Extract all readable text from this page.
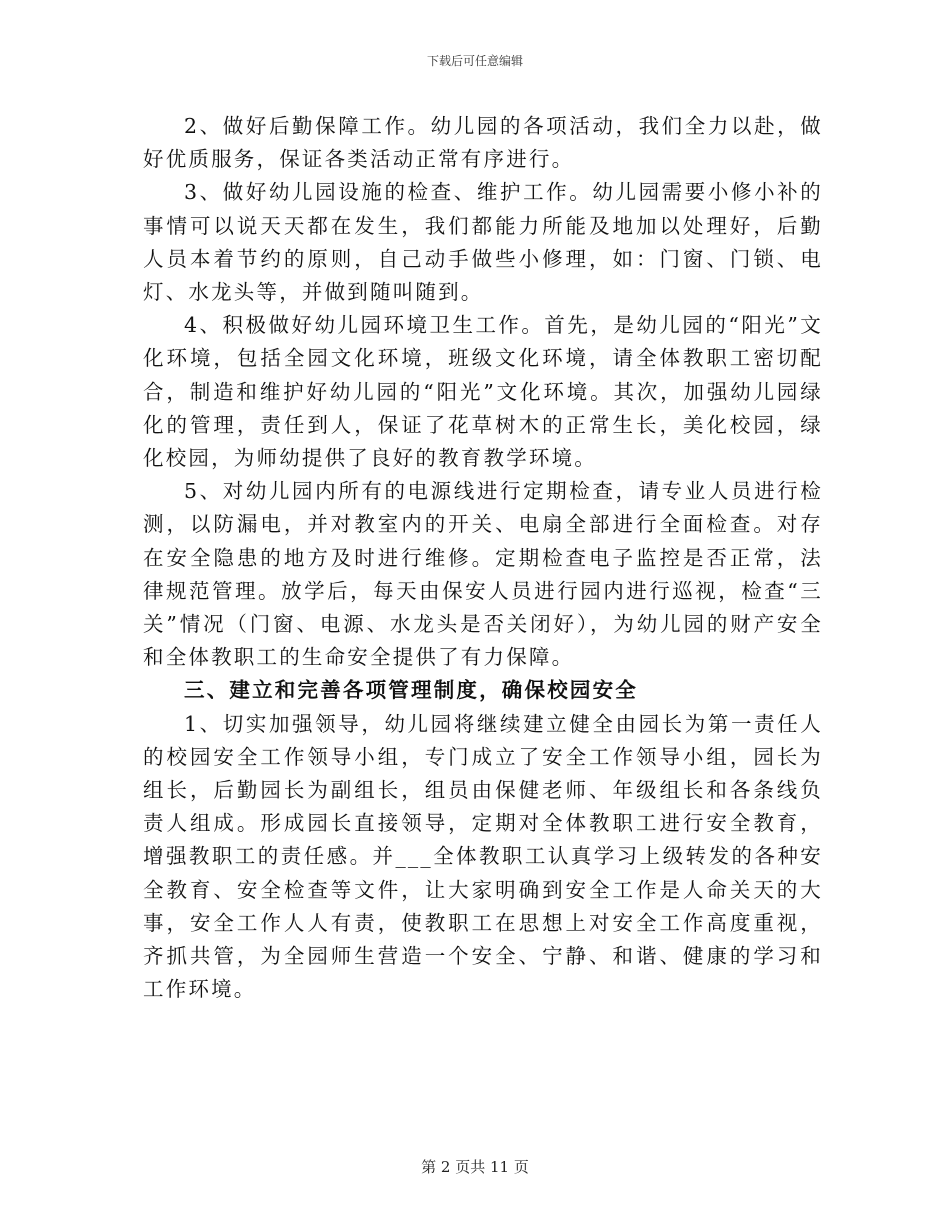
下载后可任意编辑

2、做好后勤保障工作。幼儿园的各项活动，我们全力以赴，做好优质服务，保证各类活动正常有序进行。

3、做好幼儿园设施的检查、维护工作。幼儿园需要小修小补的事情可以说天天都在发生，我们都能力所能及地加以处理好，后勤人员本着节约的原则，自己动手做些小修理，如：门窗、门锁、电灯、水龙头等，并做到随叫随到。

4、积极做好幼儿园环境卫生工作。首先，是幼儿园的“阳光”文化环境，包括全园文化环境，班级文化环境，请全体教职工密切配合，制造和维护好幼儿园的“阳光”文化环境。其次，加强幼儿园绿化的管理，责任到人，保证了花草树木的正常生长，美化校园，绿化校园，为师幼提供了良好的教育教学环境。

5、对幼儿园内所有的电源线进行定期检查，请专业人员进行检测，以防漏电，并对教室内的开关、电扇全部进行全面检查。对存在安全隐患的地方及时进行维修。定期检查电子监控是否正常，法律规范管理。放学后，每天由保安人员进行园内进行巡视，检查“三关”情况（门窗、电源、水龙头是否关闭好），为幼儿园的财产安全和全体教职工的生命安全提供了有力保障。

三、建立和完善各项管理制度，确保校园安全

1、切实加强领导，幼儿园将继续建立健全由园长为第一责任人的校园安全工作领导小组，专门成立了安全工作领导小组，园长为组长，后勤园长为副组长，组员由保健老师、年级组长和各条线负责人组成。形成园长直接领导，定期对全体教职工进行安全教育，增强教职工的责任感。并___全体教职工认真学习上级转发的各种安全教育、安全检查等文件，让大家明确到安全工作是人命关天的大事，安全工作人人有责，使教职工在思想上对安全工作高度重视，齐抓共管，为全园师生营造一个安全、宁静、和谐、健康的学习和工作环境。

第 2 页共 11 页
